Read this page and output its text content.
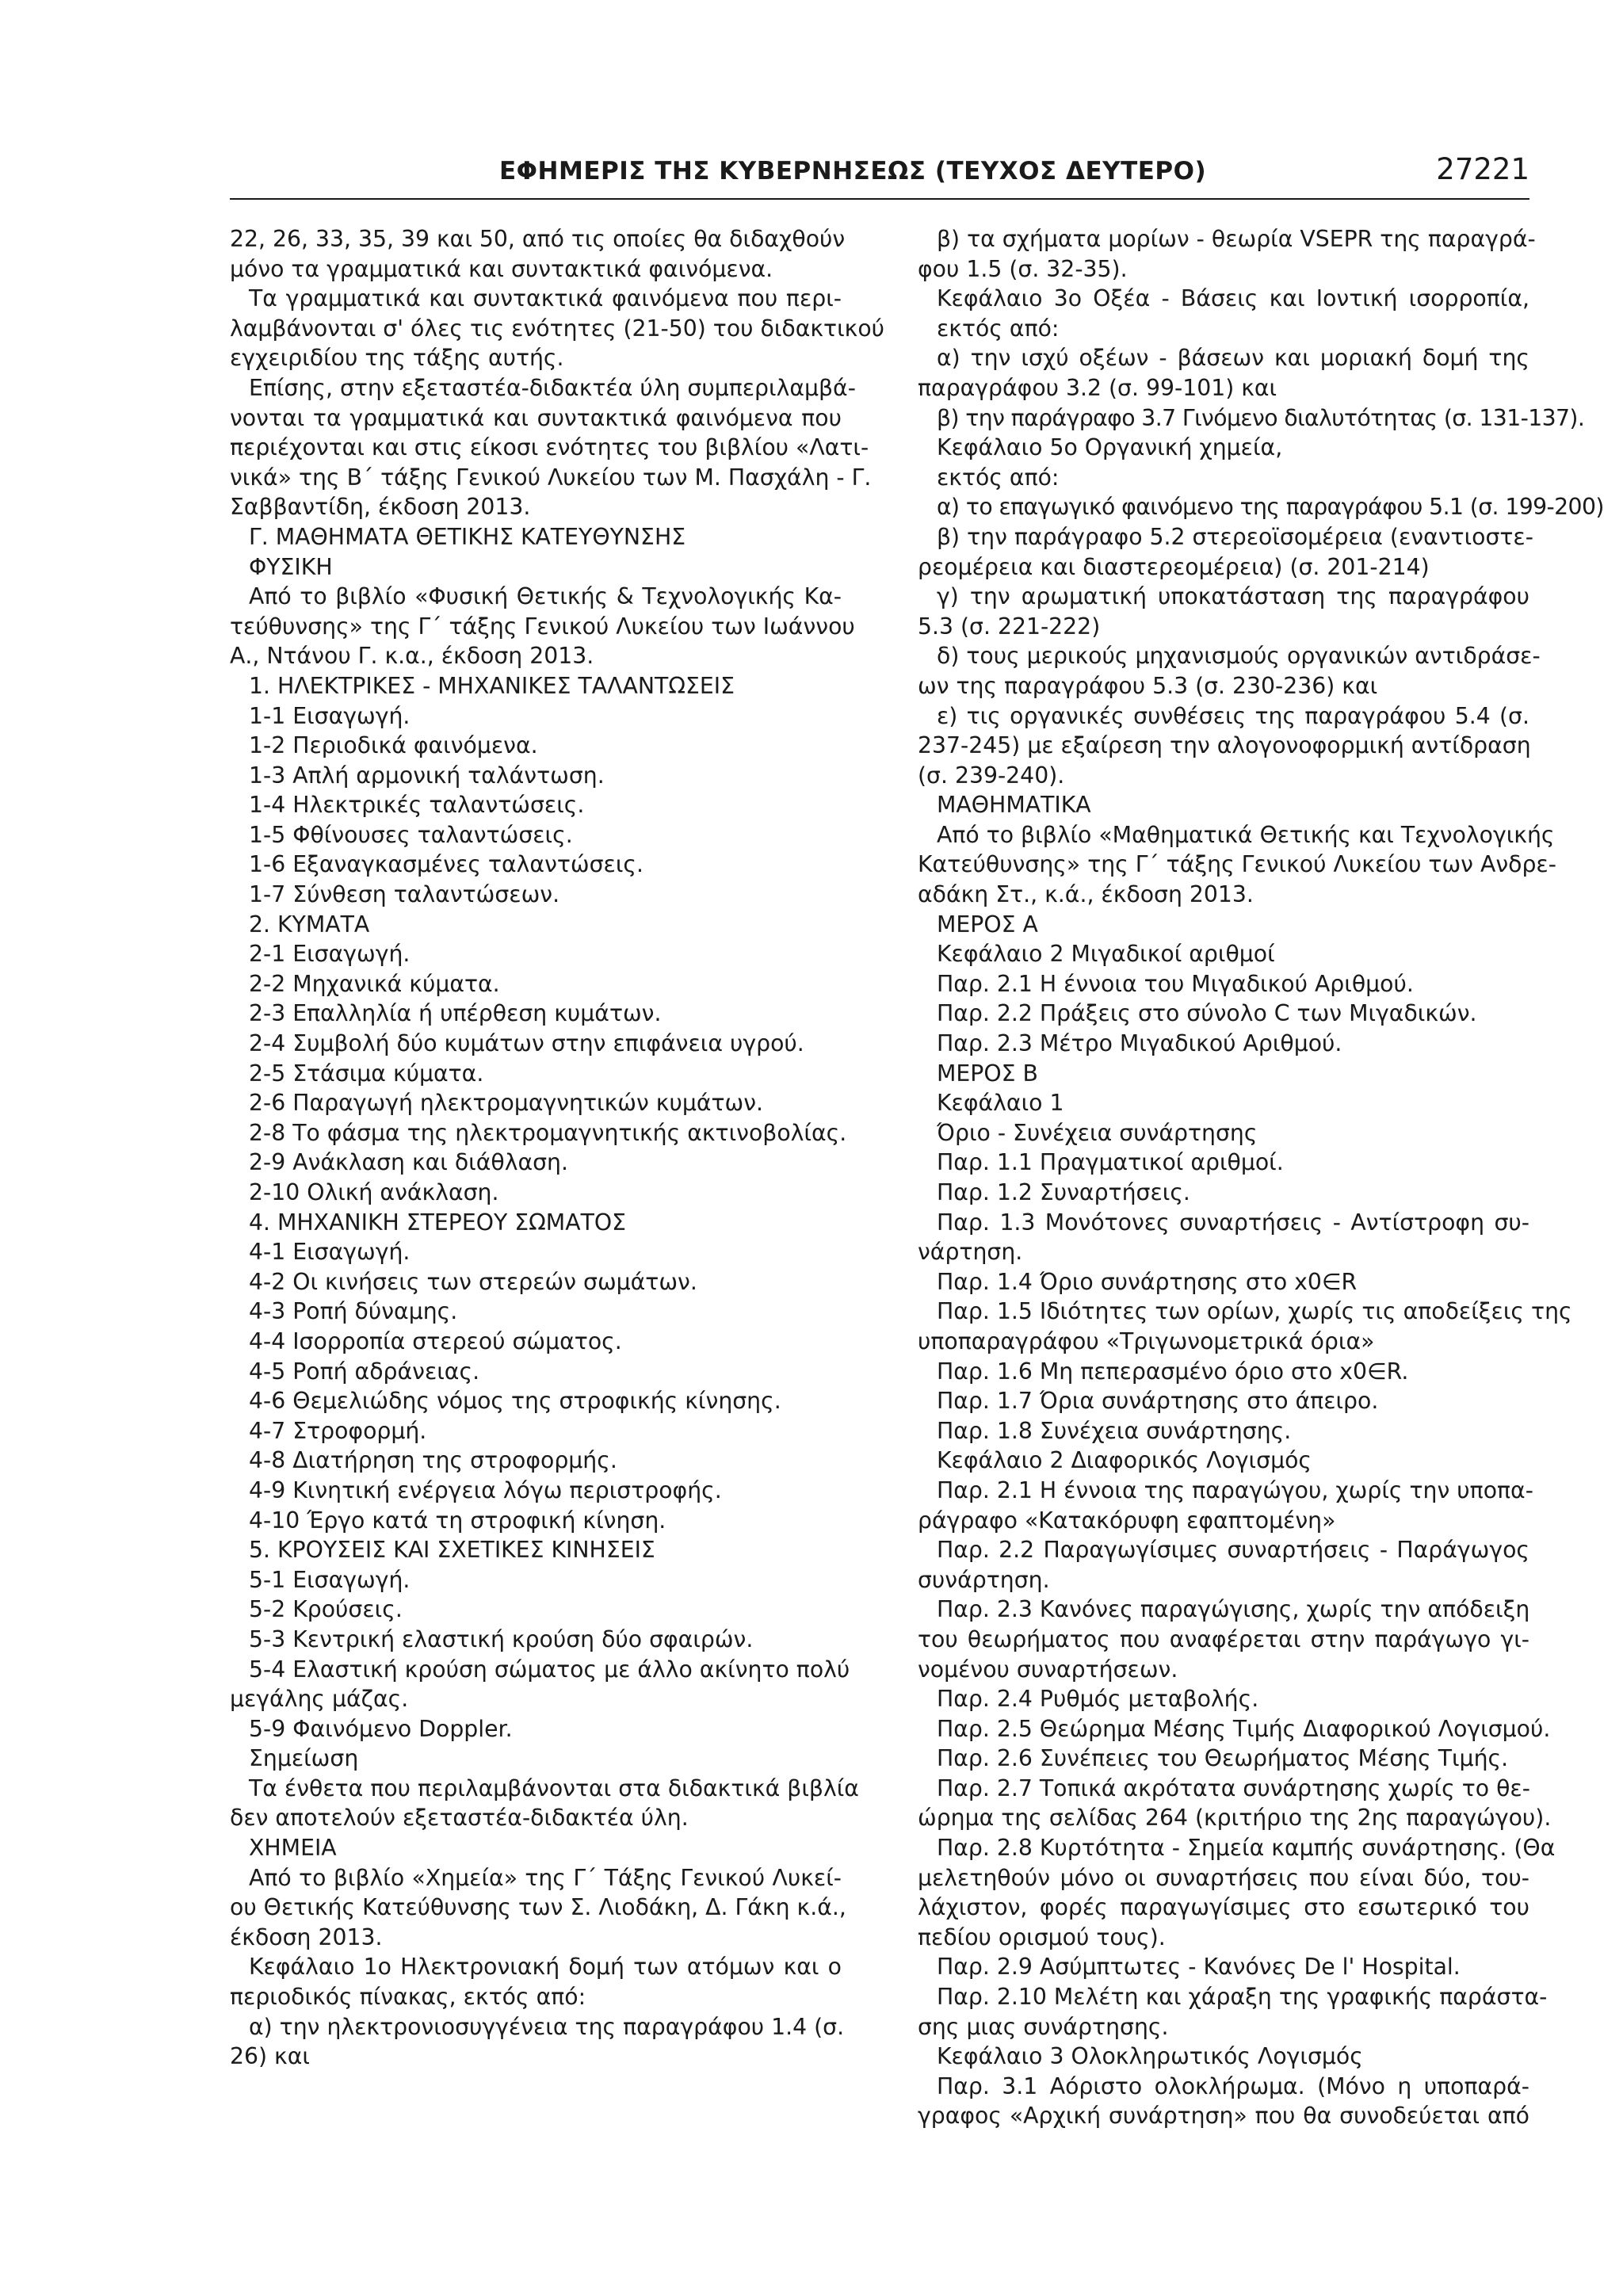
ΕΦΗΜΕΡΙΣ ΤΗΣ ΚΥΒΕΡΝΗΣΕΩΣ (ΤΕΥΧΟΣ ΔΕΥΤΕΡΟ)	27221
22, 26, 33, 35, 39 και 50, από τις οποίες θα διδαχθούν
μόνο τα γραμματικά και συντακτικά φαινόμενα.
Τα γραμματικά και συντακτικά φαινόμενα που περι-
λαμβάνονται σ' όλες τις ενότητες (21-50) του διδακτικού
εγχειριδίου της τάξης αυτής.
Επίσης, στην εξεταστέα-διδακτέα ύλη συμπεριλαμβά-
νονται τα γραμματικά και συντακτικά φαινόμενα που
περιέχονται και στις είκοσι ενότητες του βιβλίου «Λατι-
νικά» της Β΄ τάξης Γενικού Λυκείου των Μ. Πασχάλη - Γ.
Σαββαντίδη, έκδοση 2013.
Γ. ΜΑΘΗΜΑΤΑ ΘΕΤΙΚΗΣ ΚΑΤΕΥΘΥΝΣΗΣ
ΦΥΣΙΚΗ
Από το βιβλίο «Φυσική Θετικής & Τεχνολογικής Κα-
τεύθυνσης» της Γ΄ τάξης Γενικού Λυκείου των Ιωάννου
Α., Ντάνου Γ. κ.α., έκδοση 2013.
1. ΗΛΕΚΤΡΙΚΕΣ - ΜΗΧΑΝΙΚΕΣ ΤΑΛΑΝΤΩΣΕΙΣ
1-1 Εισαγωγή.
1-2 Περιοδικά φαινόμενα.
1-3 Απλή αρμονική ταλάντωση.
1-4 Ηλεκτρικές ταλαντώσεις.
1-5 Φθίνουσες ταλαντώσεις.
1-6 Εξαναγκασμένες ταλαντώσεις.
1-7 Σύνθεση ταλαντώσεων.
2. ΚΥΜΑΤΑ
2-1 Εισαγωγή.
2-2 Μηχανικά κύματα.
2-3 Επαλληλία ή υπέρθεση κυμάτων.
2-4 Συμβολή δύο κυμάτων στην επιφάνεια υγρού.
2-5 Στάσιμα κύματα.
2-6 Παραγωγή ηλεκτρομαγνητικών κυμάτων.
2-8 Το φάσμα της ηλεκτρομαγνητικής ακτινοβολίας.
2-9 Ανάκλαση και διάθλαση.
2-10 Ολική ανάκλαση.
4. ΜΗΧΑΝΙΚΗ ΣΤΕΡΕΟΥ ΣΩΜΑΤΟΣ
4-1 Εισαγωγή.
4-2 Οι κινήσεις των στερεών σωμάτων.
4-3 Ροπή δύναμης.
4-4 Ισορροπία στερεού σώματος.
4-5 Ροπή αδράνειας.
4-6 Θεμελιώδης νόμος της στροφικής κίνησης.
4-7 Στροφορμή.
4-8 Διατήρηση της στροφορμής.
4-9 Κινητική ενέργεια λόγω περιστροφής.
4-10 Έργο κατά τη στροφική κίνηση.
5. ΚΡΟΥΣΕΙΣ ΚΑΙ ΣΧΕΤΙΚΕΣ ΚΙΝΗΣΕΙΣ
5-1 Εισαγωγή.
5-2 Κρούσεις.
5-3 Κεντρική ελαστική κρούση δύο σφαιρών.
5-4 Ελαστική κρούση σώματος με άλλο ακίνητο πολύ
μεγάλης μάζας.
5-9 Φαινόμενο Doppler.
Σημείωση
Τα ένθετα που περιλαμβάνονται στα διδακτικά βιβλία
δεν αποτελούν εξεταστέα-διδακτέα ύλη.
ΧΗΜΕΙΑ
Από το βιβλίο «Χημεία» της Γ΄ Τάξης Γενικού Λυκεί-
ου Θετικής Κατεύθυνσης των Σ. Λιοδάκη, Δ. Γάκη κ.ά.,
έκδοση 2013.
Κεφάλαιο 1ο Ηλεκτρονιακή δομή των ατόμων και ο
περιοδικός πίνακας, εκτός από:
α) την ηλεκτρονιοσυγγένεια της παραγράφου 1.4 (σ.
26) και
β) τα σχήματα μορίων - θεωρία VSEPR της παραγρά-
φου 1.5 (σ. 32-35).
Κεφάλαιο 3ο Οξέα - Βάσεις και Ιοντική ισορροπία,
εκτός από:
α) την ισχύ οξέων - βάσεων και μοριακή δομή της
παραγράφου 3.2 (σ. 99-101) και
β) την παράγραφο 3.7 Γινόμενο διαλυτότητας (σ. 131-137).
Κεφάλαιο 5ο Οργανική χημεία,
εκτός από:
α) το επαγωγικό φαινόμενο της παραγράφου 5.1 (σ. 199-200)
β) την παράγραφο 5.2 στερεοϊσομέρεια (εναντιοστε-
ρεομέρεια και διαστερεομέρεια) (σ. 201-214)
γ) την αρωματική υποκατάσταση της παραγράφου
5.3 (σ. 221-222)
δ) τους μερικούς μηχανισμούς οργανικών αντιδράσε-
ων της παραγράφου 5.3 (σ. 230-236) και
ε) τις οργανικές συνθέσεις της παραγράφου 5.4 (σ.
237-245) με εξαίρεση την αλογονοφορμική αντίδραση
(σ. 239-240).
ΜΑΘΗΜΑΤΙΚΑ
Από το βιβλίο «Μαθηματικά Θετικής και Τεχνολογικής
Κατεύθυνσης» της Γ΄ τάξης Γενικού Λυκείου των Ανδρε-
αδάκη Στ., κ.ά., έκδοση 2013.
ΜΕΡΟΣ Α
Κεφάλαιο 2 Μιγαδικοί αριθμοί
Παρ. 2.1 Η έννοια του Μιγαδικού Αριθμού.
Παρ. 2.2 Πράξεις στο σύνολο C των Μιγαδικών.
Παρ. 2.3 Μέτρο Μιγαδικού Αριθμού.
ΜΕΡΟΣ Β
Κεφάλαιο 1
Όριο - Συνέχεια συνάρτησης
Παρ. 1.1 Πραγματικοί αριθμοί.
Παρ. 1.2 Συναρτήσεις.
Παρ. 1.3 Μονότονες συναρτήσεις - Αντίστροφη συ-
νάρτηση.
Παρ. 1.4 Όριο συνάρτησης στο x0∈R
Παρ. 1.5 Ιδιότητες των ορίων, χωρίς τις αποδείξεις της
υποπαραγράφου «Τριγωνομετρικά όρια»
Παρ. 1.6 Μη πεπερασμένο όριο στο x0∈R.
Παρ. 1.7 Όρια συνάρτησης στο άπειρο.
Παρ. 1.8 Συνέχεια συνάρτησης.
Κεφάλαιο 2 Διαφορικός Λογισμός
Παρ. 2.1 Η έννοια της παραγώγου, χωρίς την υποπα-
ράγραφο «Κατακόρυφη εφαπτομένη»
Παρ. 2.2 Παραγωγίσιμες συναρτήσεις - Παράγωγος
συνάρτηση.
Παρ. 2.3 Κανόνες παραγώγισης, χωρίς την απόδειξη
του θεωρήματος που αναφέρεται στην παράγωγο γι-
νομένου συναρτήσεων.
Παρ. 2.4 Ρυθμός μεταβολής.
Παρ. 2.5 Θεώρημα Μέσης Τιμής Διαφορικού Λογισμού.
Παρ. 2.6 Συνέπειες του Θεωρήματος Μέσης Τιμής.
Παρ. 2.7 Τοπικά ακρότατα συνάρτησης χωρίς το θε-
ώρημα της σελίδας 264 (κριτήριο της 2ης παραγώγου).
Παρ. 2.8 Κυρτότητα - Σημεία καμπής συνάρτησης. (Θα
μελετηθούν μόνο οι συναρτήσεις που είναι δύο, του-
λάχιστον, φορές παραγωγίσιμες στο εσωτερικό του
πεδίου ορισμού τους).
Παρ. 2.9 Ασύμπτωτες - Κανόνες De l' Hospital.
Παρ. 2.10 Μελέτη και χάραξη της γραφικής παράστα-
σης μιας συνάρτησης.
Κεφάλαιο 3 Ολοκληρωτικός Λογισμός
Παρ. 3.1 Αόριστο ολοκλήρωμα. (Μόνο η υποπαρά-
γραφος «Αρχική συνάρτηση» που θα συνοδεύεται από
